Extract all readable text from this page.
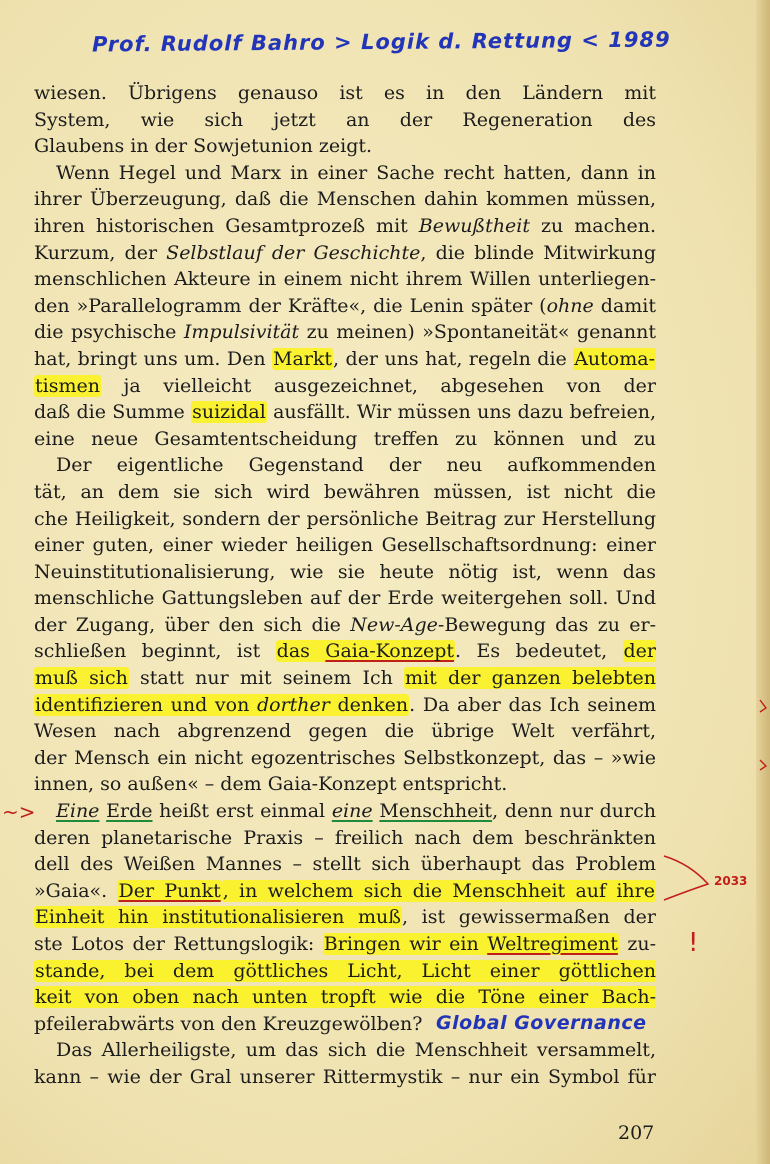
Prof. Rudolf Bahro > Logik d. Rettung < 1989
wiesen. Übrigens genauso ist es in den Ländern mit
System, wie sich jetzt an der Regeneration des
Glaubens in der Sowjetunion zeigt.
Wenn Hegel und Marx in einer Sache recht hatten, dann in
ihrer Überzeugung, daß die Menschen dahin kommen müssen,
ihren historischen Gesamtprozeß mit Bewußtheit zu machen.
Kurzum, der Selbstlauf der Geschichte, die blinde Mitwirkung
menschlichen Akteure in einem nicht ihrem Willen unterliegen-
den »Parallelogramm der Kräfte«, die Lenin später (ohne damit
die psychische Impulsivität zu meinen) »Spontaneität« genannt
hat, bringt uns um. Den Markt, der uns hat, regeln die Automa-
tismen ja vielleicht ausgezeichnet, abgesehen von der
daß die Summe suizidal ausfällt. Wir müssen uns dazu befreien,
eine neue Gesamtentscheidung treffen zu können und zu
Der eigentliche Gegenstand der neu aufkommenden
tät, an dem sie sich wird bewähren müssen, ist nicht die
che Heiligkeit, sondern der persönliche Beitrag zur Herstellung
einer guten, einer wieder heiligen Gesellschaftsordnung: einer
Neuinstitutionalisierung, wie sie heute nötig ist, wenn das
menschliche Gattungsleben auf der Erde weitergehen soll. Und
der Zugang, über den sich die New-Age-Bewegung das zu er-
schließen beginnt, ist das Gaia-Konzept. Es bedeutet, der
muß sich statt nur mit seinem Ich mit der ganzen belebten
identifizieren und von dorther denken. Da aber das Ich seinem
Wesen nach abgrenzend gegen die übrige Welt verfährt,
der Mensch ein nicht egozentrisches Selbstkonzept, das – »wie
innen, so außen« – dem Gaia-Konzept entspricht.
Eine Erde heißt erst einmal eine Menschheit, denn nur durch
deren planetarische Praxis – freilich nach dem beschränkten
dell des Weißen Mannes – stellt sich überhaupt das Problem
»Gaia«. Der Punkt , in welchem sich die Menschheit auf ihre
Einheit hin institutionalisieren muß, ist gewissermaßen der
ste Lotos der Rettungslogik: Bringen wir ein Weltregiment zu-
stande, bei dem göttliches Licht, Licht einer göttlichen
keit von oben nach unten tropft wie die Töne einer Bach-
pfeilerabwärts von den Kreuzgewölben?
Das Allerheiligste, um das sich die Menschheit versammelt,
kann – wie der Gral unserer Rittermystik – nur ein Symbol für
Global Governance
~>
2033
!
207
